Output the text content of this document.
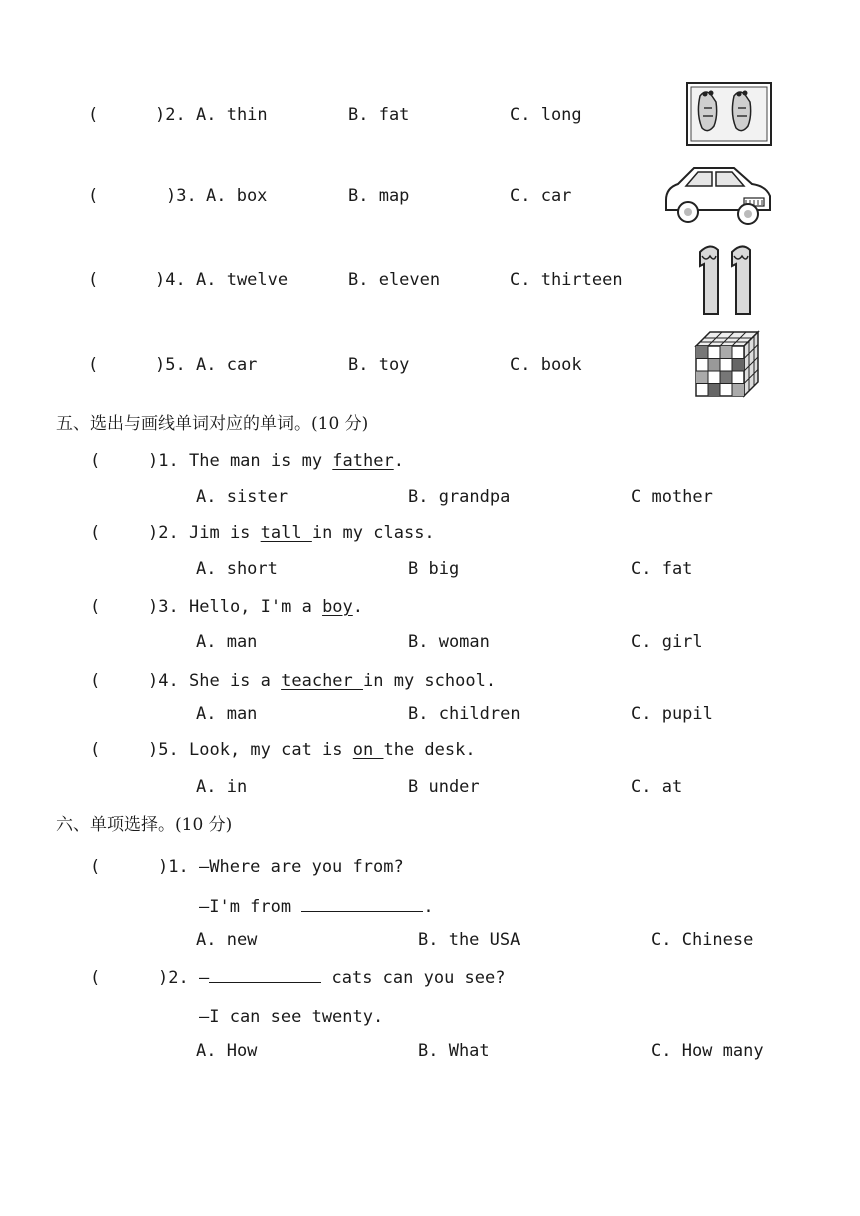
(	)2. A. thin	B. fat	C. long
(	)3. A. box	B. map	C. car
(	)4. A. twelve	B. eleven	C. thirteen
(	)5. A. car	B. toy	C. book
五、选出与画线单词对应的单词。(10 分)
(	)1. The man is my father.
A. sister	B. grandpa	C mother
(	)2. Jim is tall in my class.
A. short	B big	C. fat
(	)3. Hello, I'm a boy.
A. man	B. woman	C. girl
(	)4. She is a teacher in my school.
A. man	B. children	C. pupil
(	)5. Look, my cat is on the desk.
A. in	B under	C. at
六、单项选择。(10 分)
(	)1. —Where are you from?
—I'm from	.
A. new	B. the USA	C. Chinese
(	)2. —	cats can you see?
—I can see twenty.
A. How	B. What	C. How many
